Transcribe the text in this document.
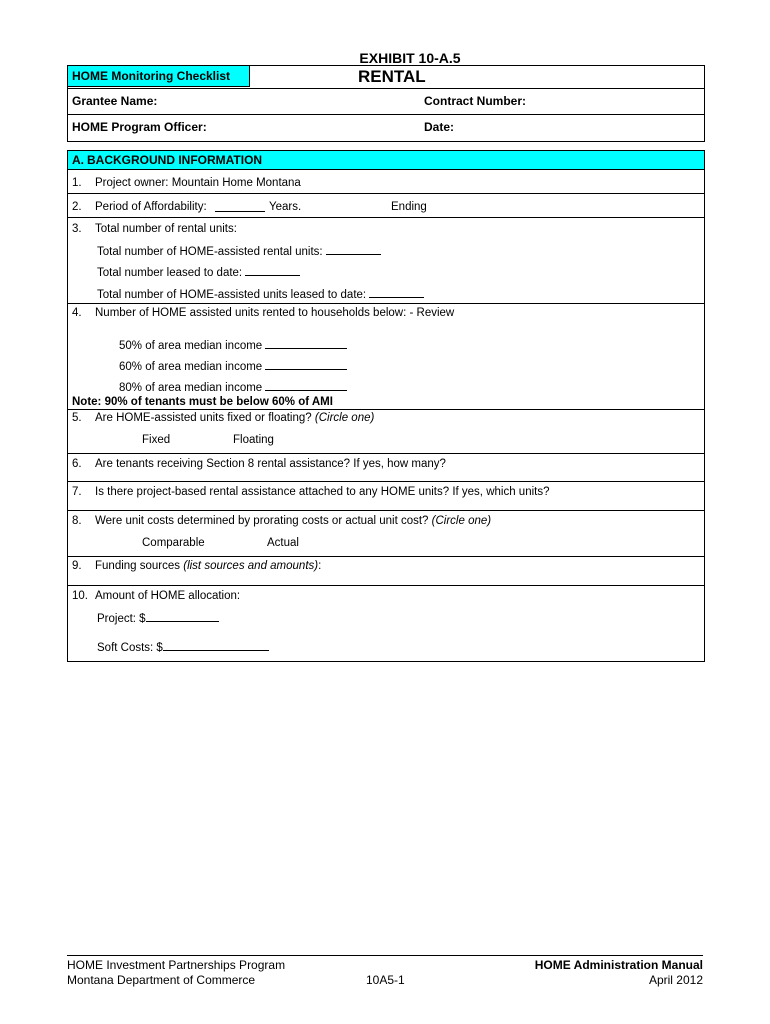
EXHIBIT 10-A.5
HOME Monitoring Checklist	RENTAL
Grantee Name:	Contract Number:
HOME Program Officer:	Date:
A. BACKGROUND INFORMATION
1. Project owner: Mountain Home Montana
2. Period of Affordability:	Years.	Ending
3. Total number of rental units:
Total number of HOME-assisted rental units:
Total number leased to date:
Total number of HOME-assisted units leased to date:
4. Number of HOME assisted units rented to households below: - Review
50% of area median income
60% of area median income
80% of area median income
Note: 90% of tenants must be below 60% of AMI
5. Are HOME-assisted units fixed or floating? (Circle one)
Fixed	Floating
6. Are tenants receiving Section 8 rental assistance? If yes, how many?
7. Is there project-based rental assistance attached to any HOME units? If yes, which units?
8. Were unit costs determined by prorating costs or actual unit cost? (Circle one)
Comparable	Actual
9. Funding sources (list sources and amounts):
10. Amount of HOME allocation:
Project: $
Soft Costs: $
HOME Investment Partnerships Program
Montana Department of Commerce	10A5-1
HOME Administration Manual
April 2012
